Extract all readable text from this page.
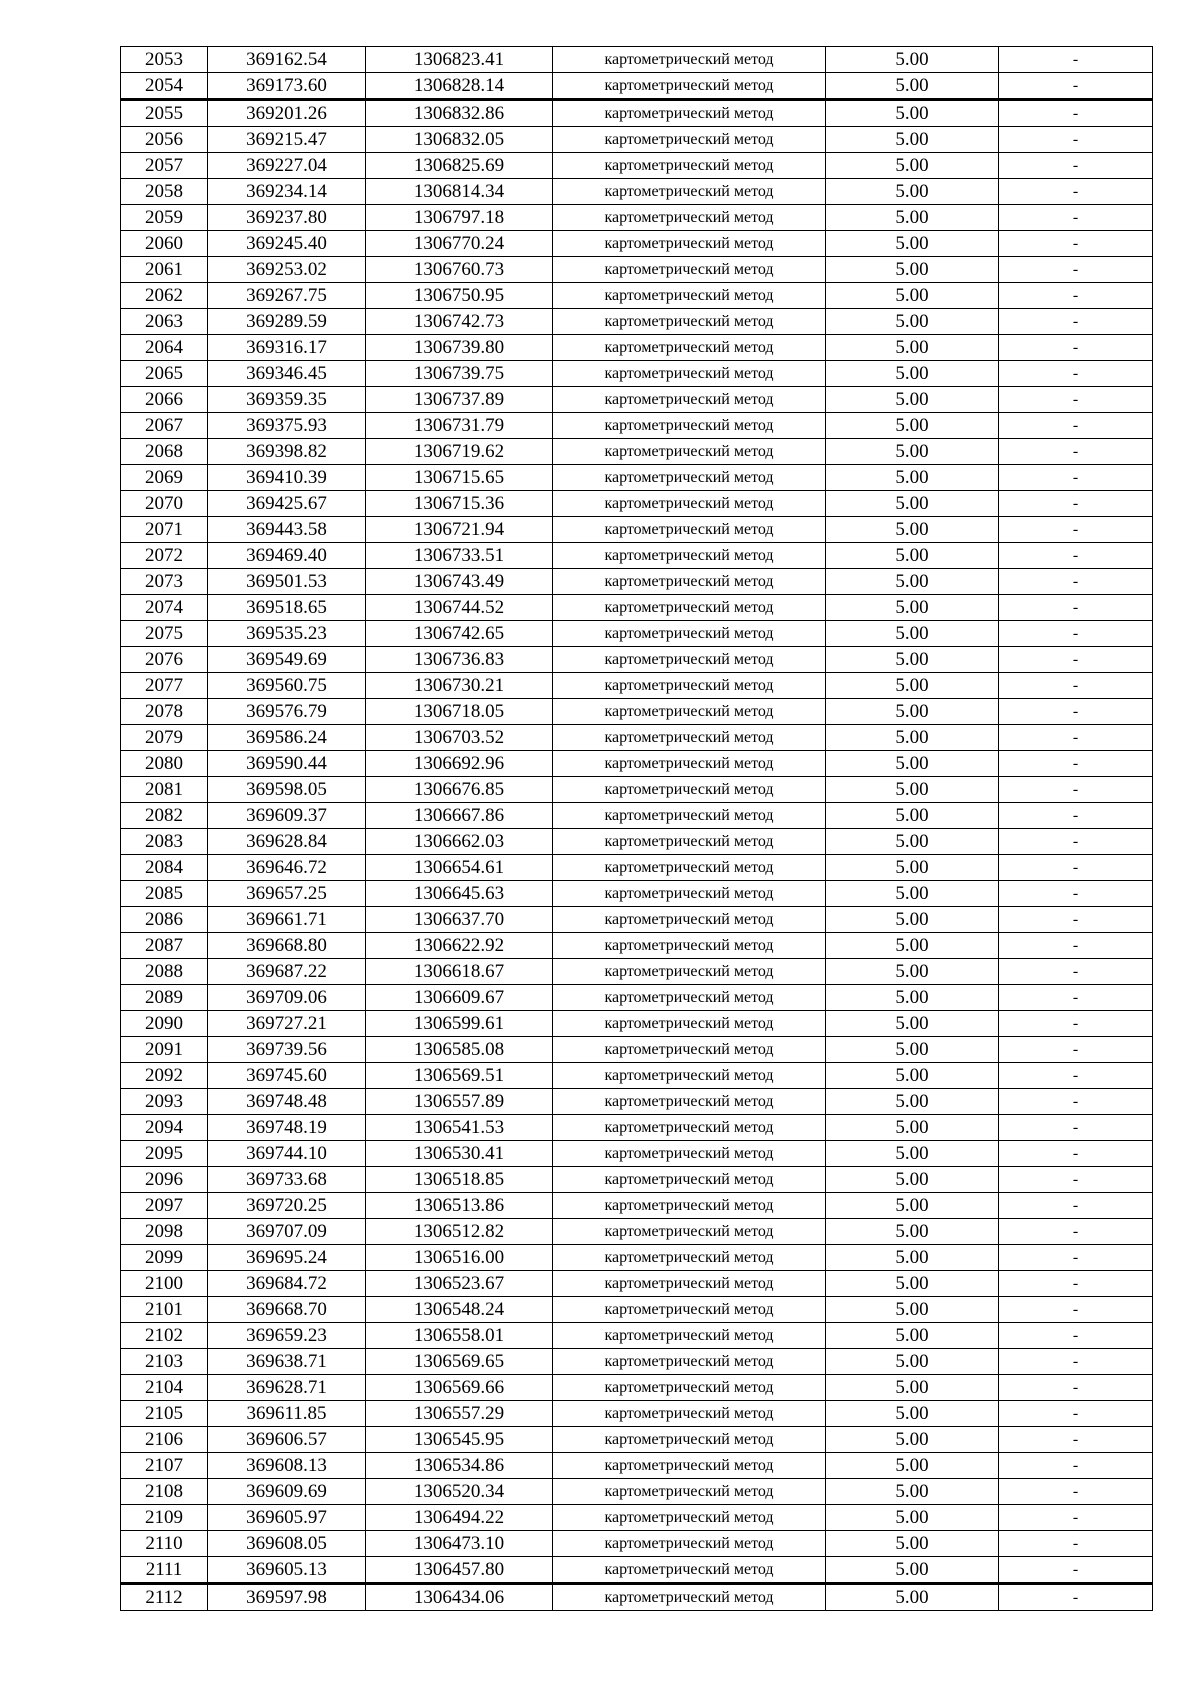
2053	369162.54	1306823.41	картометрический метод	5.00	-
2054	369173.60	1306828.14	картометрический метод	5.00	-
2055	369201.26	1306832.86	картометрический метод	5.00	-
2056	369215.47	1306832.05	картометрический метод	5.00	-
2057	369227.04	1306825.69	картометрический метод	5.00	-
2058	369234.14	1306814.34	картометрический метод	5.00	-
2059	369237.80	1306797.18	картометрический метод	5.00	-
2060	369245.40	1306770.24	картометрический метод	5.00	-
2061	369253.02	1306760.73	картометрический метод	5.00	-
2062	369267.75	1306750.95	картометрический метод	5.00	-
2063	369289.59	1306742.73	картометрический метод	5.00	-
2064	369316.17	1306739.80	картометрический метод	5.00	-
2065	369346.45	1306739.75	картометрический метод	5.00	-
2066	369359.35	1306737.89	картометрический метод	5.00	-
2067	369375.93	1306731.79	картометрический метод	5.00	-
2068	369398.82	1306719.62	картометрический метод	5.00	-
2069	369410.39	1306715.65	картометрический метод	5.00	-
2070	369425.67	1306715.36	картометрический метод	5.00	-
2071	369443.58	1306721.94	картометрический метод	5.00	-
2072	369469.40	1306733.51	картометрический метод	5.00	-
2073	369501.53	1306743.49	картометрический метод	5.00	-
2074	369518.65	1306744.52	картометрический метод	5.00	-
2075	369535.23	1306742.65	картометрический метод	5.00	-
2076	369549.69	1306736.83	картометрический метод	5.00	-
2077	369560.75	1306730.21	картометрический метод	5.00	-
2078	369576.79	1306718.05	картометрический метод	5.00	-
2079	369586.24	1306703.52	картометрический метод	5.00	-
2080	369590.44	1306692.96	картометрический метод	5.00	-
2081	369598.05	1306676.85	картометрический метод	5.00	-
2082	369609.37	1306667.86	картометрический метод	5.00	-
2083	369628.84	1306662.03	картометрический метод	5.00	-
2084	369646.72	1306654.61	картометрический метод	5.00	-
2085	369657.25	1306645.63	картометрический метод	5.00	-
2086	369661.71	1306637.70	картометрический метод	5.00	-
2087	369668.80	1306622.92	картометрический метод	5.00	-
2088	369687.22	1306618.67	картометрический метод	5.00	-
2089	369709.06	1306609.67	картометрический метод	5.00	-
2090	369727.21	1306599.61	картометрический метод	5.00	-
2091	369739.56	1306585.08	картометрический метод	5.00	-
2092	369745.60	1306569.51	картометрический метод	5.00	-
2093	369748.48	1306557.89	картометрический метод	5.00	-
2094	369748.19	1306541.53	картометрический метод	5.00	-
2095	369744.10	1306530.41	картометрический метод	5.00	-
2096	369733.68	1306518.85	картометрический метод	5.00	-
2097	369720.25	1306513.86	картометрический метод	5.00	-
2098	369707.09	1306512.82	картометрический метод	5.00	-
2099	369695.24	1306516.00	картометрический метод	5.00	-
2100	369684.72	1306523.67	картометрический метод	5.00	-
2101	369668.70	1306548.24	картометрический метод	5.00	-
2102	369659.23	1306558.01	картометрический метод	5.00	-
2103	369638.71	1306569.65	картометрический метод	5.00	-
2104	369628.71	1306569.66	картометрический метод	5.00	-
2105	369611.85	1306557.29	картометрический метод	5.00	-
2106	369606.57	1306545.95	картометрический метод	5.00	-
2107	369608.13	1306534.86	картометрический метод	5.00	-
2108	369609.69	1306520.34	картометрический метод	5.00	-
2109	369605.97	1306494.22	картометрический метод	5.00	-
2110	369608.05	1306473.10	картометрический метод	5.00	-
2111	369605.13	1306457.80	картометрический метод	5.00	-
2112	369597.98	1306434.06	картометрический метод	5.00	-
